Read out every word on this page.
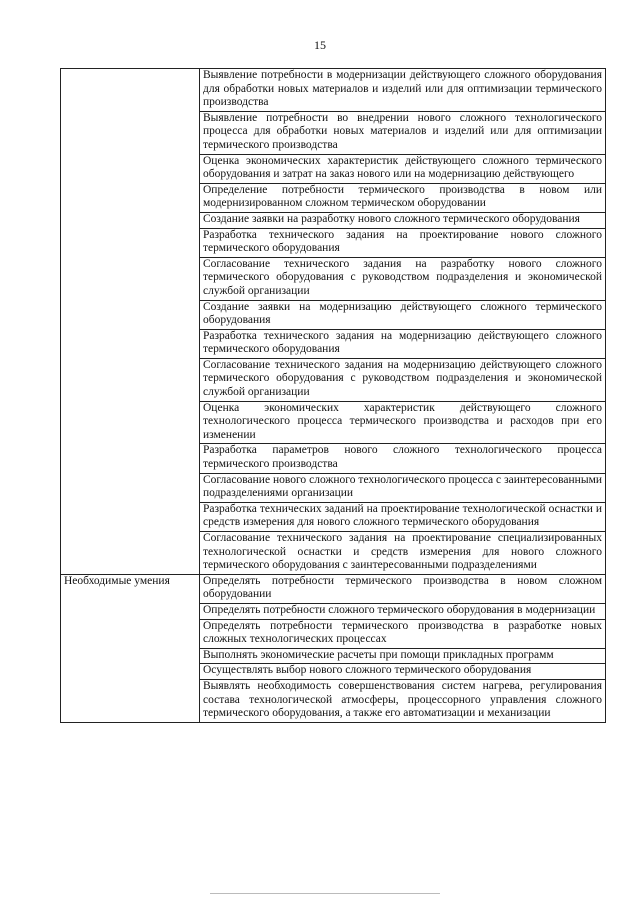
15
	Выявление потребности в модернизации действующего сложного оборудования для обработки новых материалов и изделий или для оптимизации термического производства
	Выявление потребности во внедрении нового сложного технологического процесса для обработки новых материалов и изделий или для оптимизации термического производства
	Оценка экономических характеристик действующего сложного термического оборудования и затрат на заказ нового или на модернизацию действующего
	Определение потребности термического производства в новом или модернизированном сложном термическом оборудовании
	Создание заявки на разработку нового сложного термического оборудования
	Разработка технического задания на проектирование нового сложного термического оборудования
	Согласование технического задания на разработку нового сложного термического оборудования с руководством подразделения и экономической службой организации
	Создание заявки на модернизацию действующего сложного термического оборудования
	Разработка технического задания на модернизацию действующего сложного термического оборудования
	Согласование технического задания на модернизацию действующего сложного термического оборудования с руководством подразделения и экономической службой организации
	Оценка экономических характеристик действующего сложного технологического процесса термического производства и расходов при его изменении
	Разработка параметров нового сложного технологического процесса термического производства
	Согласование нового сложного технологического процесса с заинтересованными подразделениями организации
	Разработка технических заданий на проектирование технологической оснастки и средств измерения для нового сложного термического оборудования
	Согласование технического задания на проектирование специализированных технологической оснастки и средств измерения для нового сложного термического оборудования с заинтересованными подразделениями
Необходимые умения	Определять потребности термического производства в новом сложном оборудовании
	Определять потребности сложного термического оборудования в модернизации
	Определять потребности термического производства в разработке новых сложных технологических процессах
	Выполнять экономические расчеты при помощи прикладных программ
	Осуществлять выбор нового сложного термического оборудования
	Выявлять необходимость совершенствования систем нагрева, регулирования состава технологической атмосферы, процессорного управления сложного термического оборудования, а также его автоматизации и механизации
